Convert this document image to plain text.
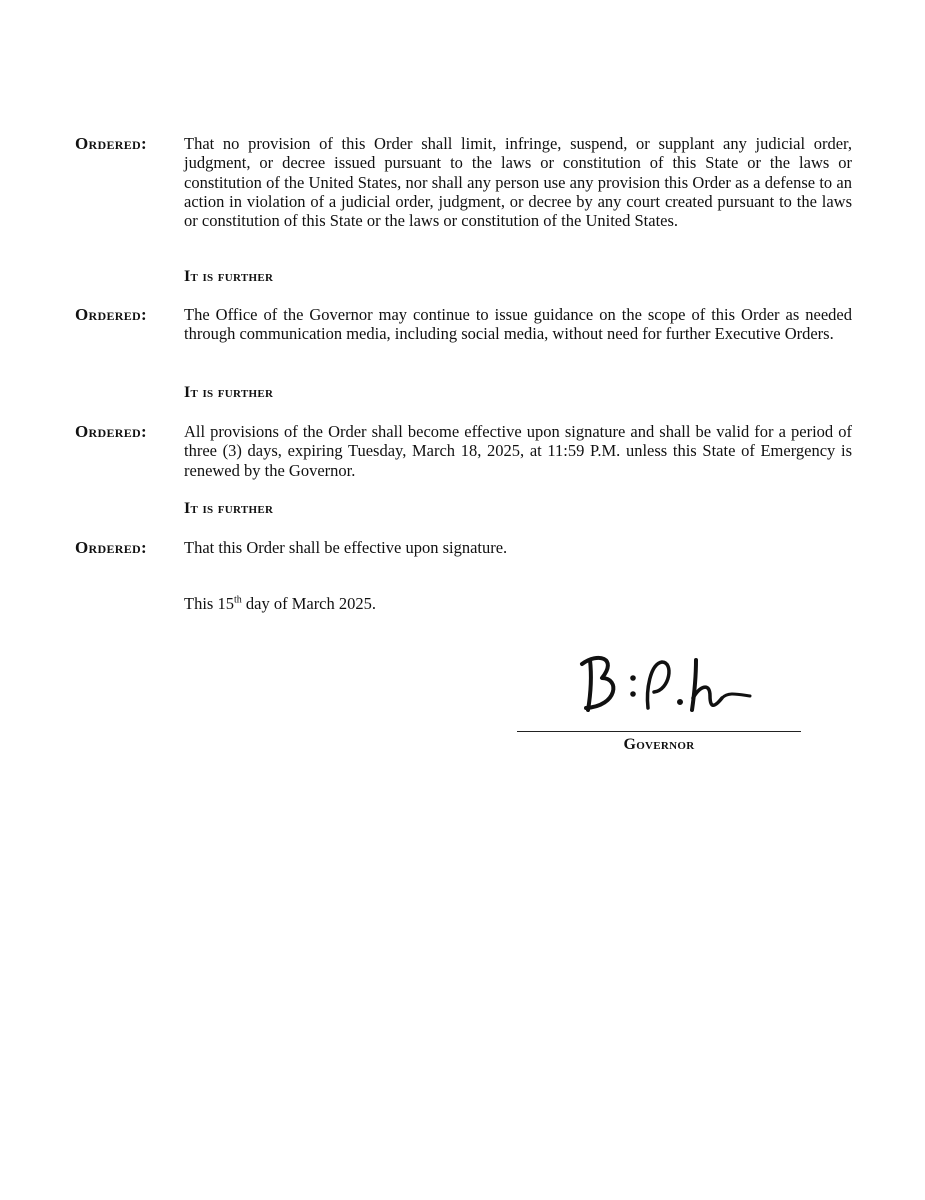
Ordered: That no provision of this Order shall limit, infringe, suspend, or supplant any judicial order, judgment, or decree issued pursuant to the laws or constitution of this State or the laws or constitution of the United States, nor shall any person use any provision this Order as a defense to an action in violation of a judicial order, judgment, or decree by any court created pursuant to the laws or constitution of this State or the laws or constitution of the United States.
It is further
Ordered: The Office of the Governor may continue to issue guidance on the scope of this Order as needed through communication media, including social media, without need for further Executive Orders.
It is further
Ordered: All provisions of the Order shall become effective upon signature and shall be valid for a period of three (3) days, expiring Tuesday, March 18, 2025, at 11:59 P.M. unless this State of Emergency is renewed by the Governor.
It is further
Ordered: That this Order shall be effective upon signature.
This 15th day of March 2025.
Governor
